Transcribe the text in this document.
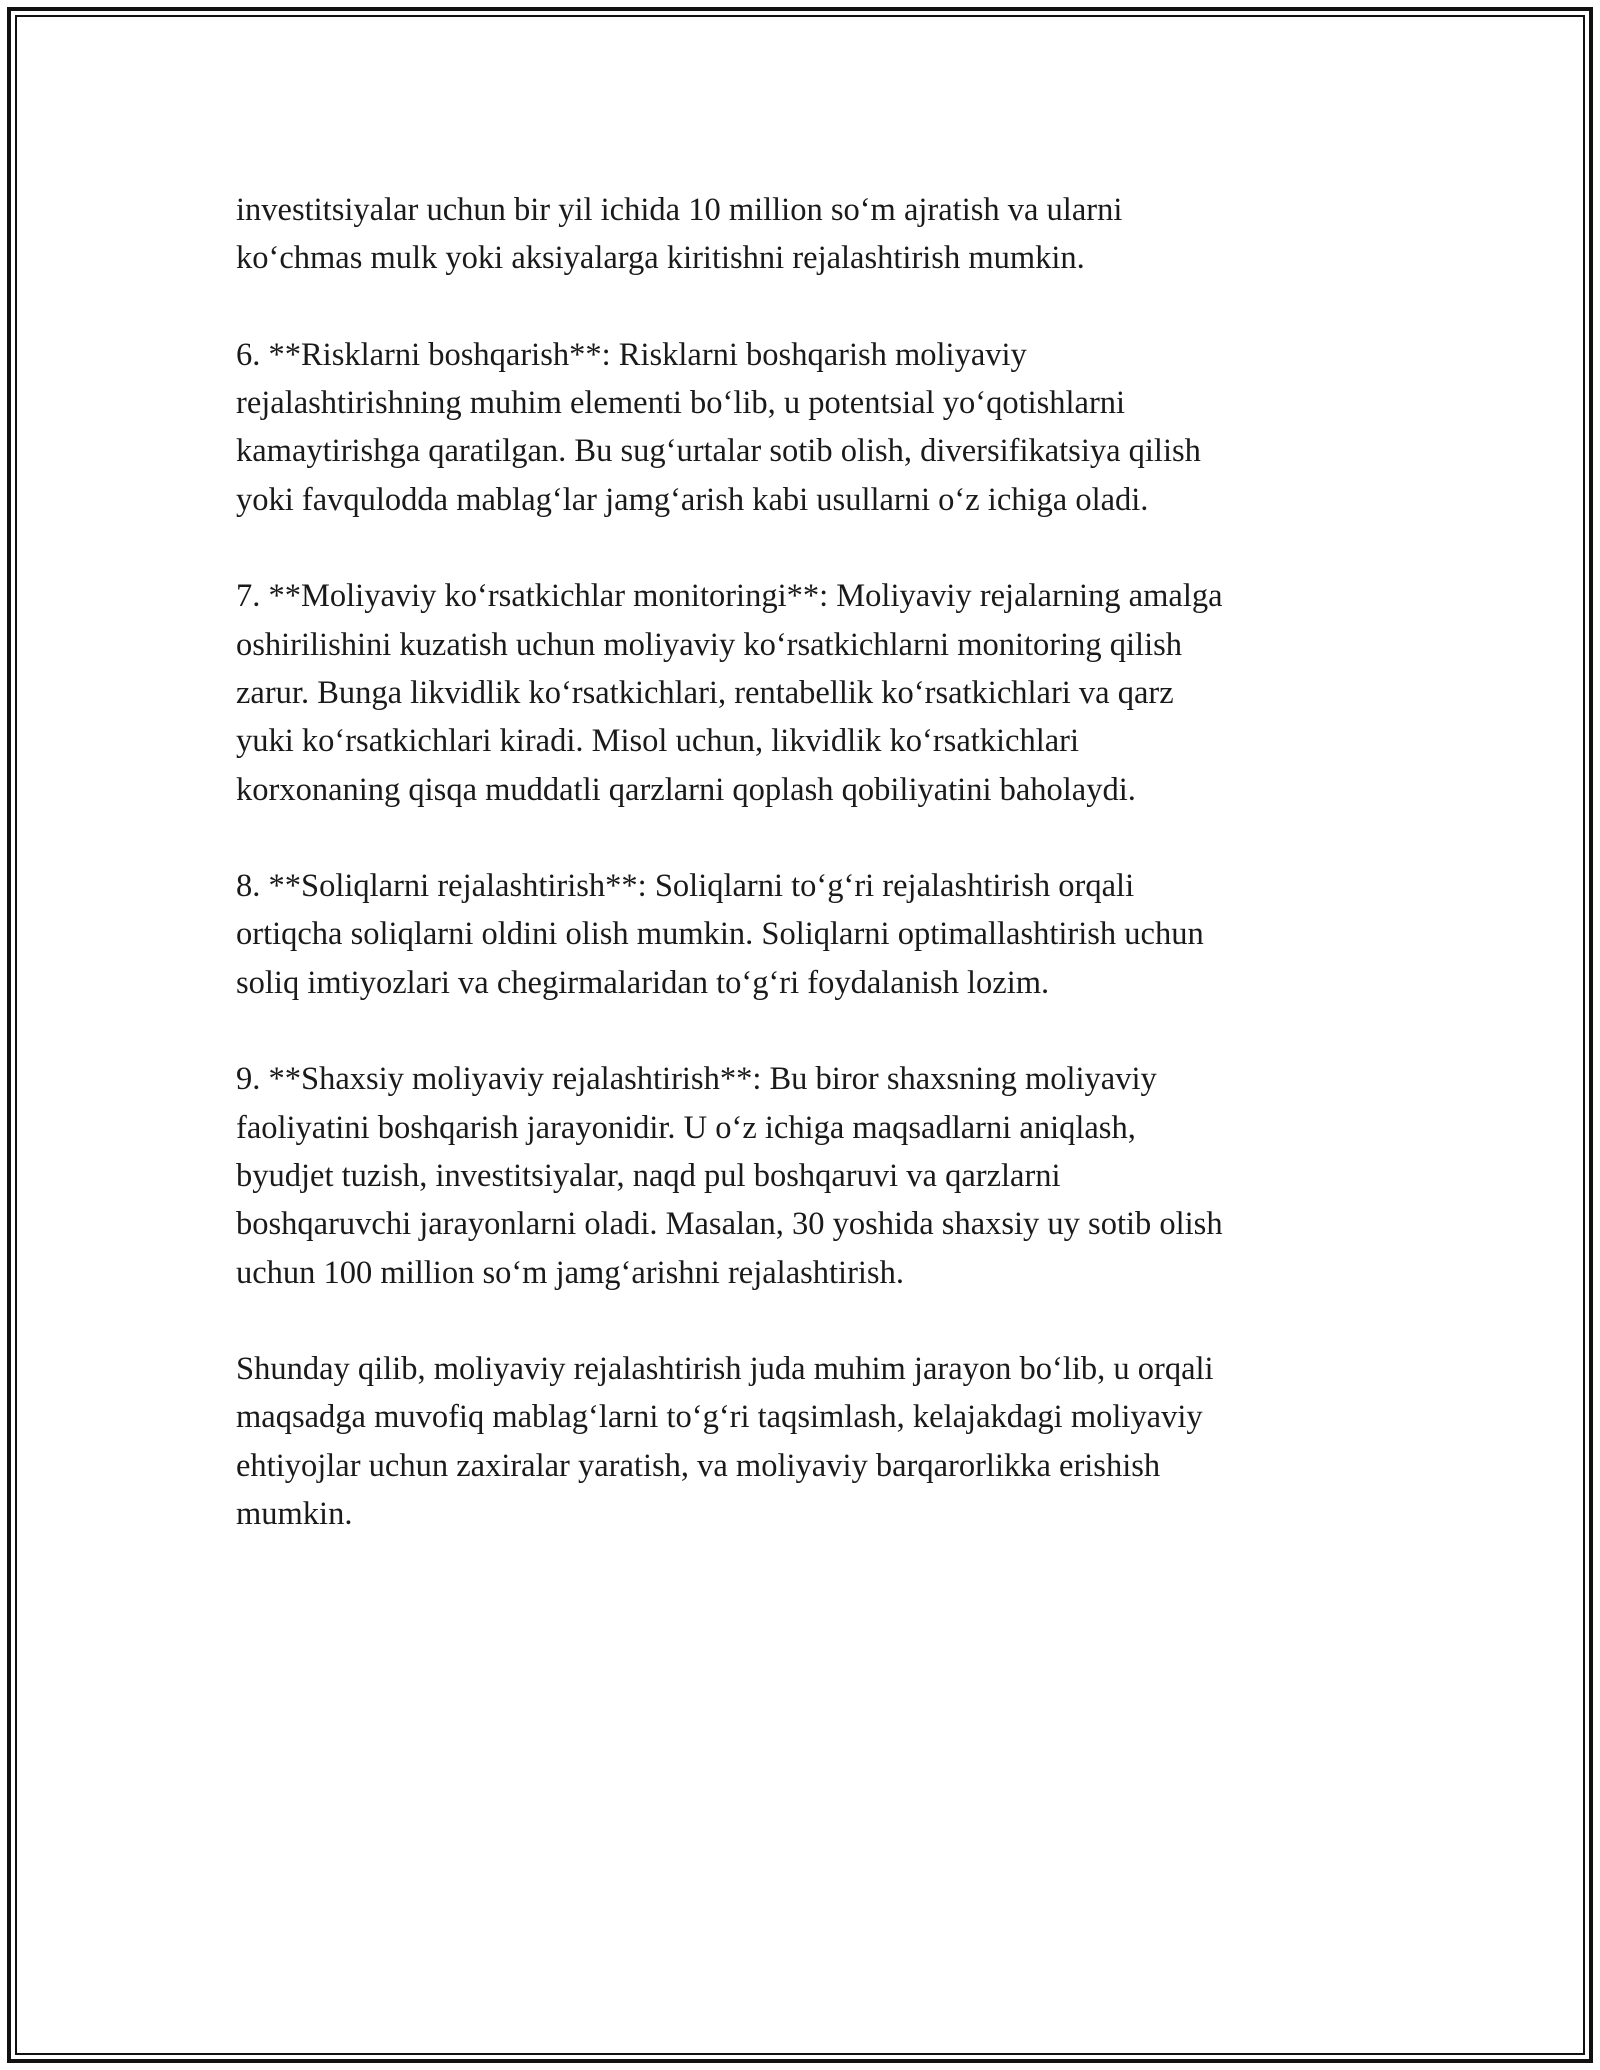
investitsiyalar uchun bir yil ichida 10 million so‘m ajratish va ularni
ko‘chmas mulk yoki aksiyalarga kiritishni rejalashtirish mumkin.

6. **Risklarni boshqarish**: Risklarni boshqarish moliyaviy
rejalashtirishning muhim elementi bo‘lib, u potentsial yo‘qotishlarni
kamaytirishga qaratilgan. Bu sug‘urtalar sotib olish, diversifikatsiya qilish
yoki favqulodda mablag‘lar jamg‘arish kabi usullarni o‘z ichiga oladi.

7. **Moliyaviy ko‘rsatkichlar monitoringi**: Moliyaviy rejalarning amalga
oshirilishini kuzatish uchun moliyaviy ko‘rsatkichlarni monitoring qilish
zarur. Bunga likvidlik ko‘rsatkichlari, rentabellik ko‘rsatkichlari va qarz
yuki ko‘rsatkichlari kiradi. Misol uchun, likvidlik ko‘rsatkichlari
korxonaning qisqa muddatli qarzlarni qoplash qobiliyatini baholaydi.

8. **Soliqlarni rejalashtirish**: Soliqlarni to‘g‘ri rejalashtirish orqali
ortiqcha soliqlarni oldini olish mumkin. Soliqlarni optimallashtirish uchun
soliq imtiyozlari va chegirmalaridan to‘g‘ri foydalanish lozim.

9. **Shaxsiy moliyaviy rejalashtirish**: Bu biror shaxsning moliyaviy
faoliyatini boshqarish jarayonidir. U o‘z ichiga maqsadlarni aniqlash,
byudjet tuzish, investitsiyalar, naqd pul boshqaruvi va qarzlarni
boshqaruvchi jarayonlarni oladi. Masalan, 30 yoshida shaxsiy uy sotib olish
uchun 100 million so‘m jamg‘arishni rejalashtirish.

Shunday qilib, moliyaviy rejalashtirish juda muhim jarayon bo‘lib, u orqali
maqsadga muvofiq mablag‘larni to‘g‘ri taqsimlash, kelajakdagi moliyaviy
ehtiyojlar uchun zaxiralar yaratish, va moliyaviy barqarorlikka erishish
mumkin.
